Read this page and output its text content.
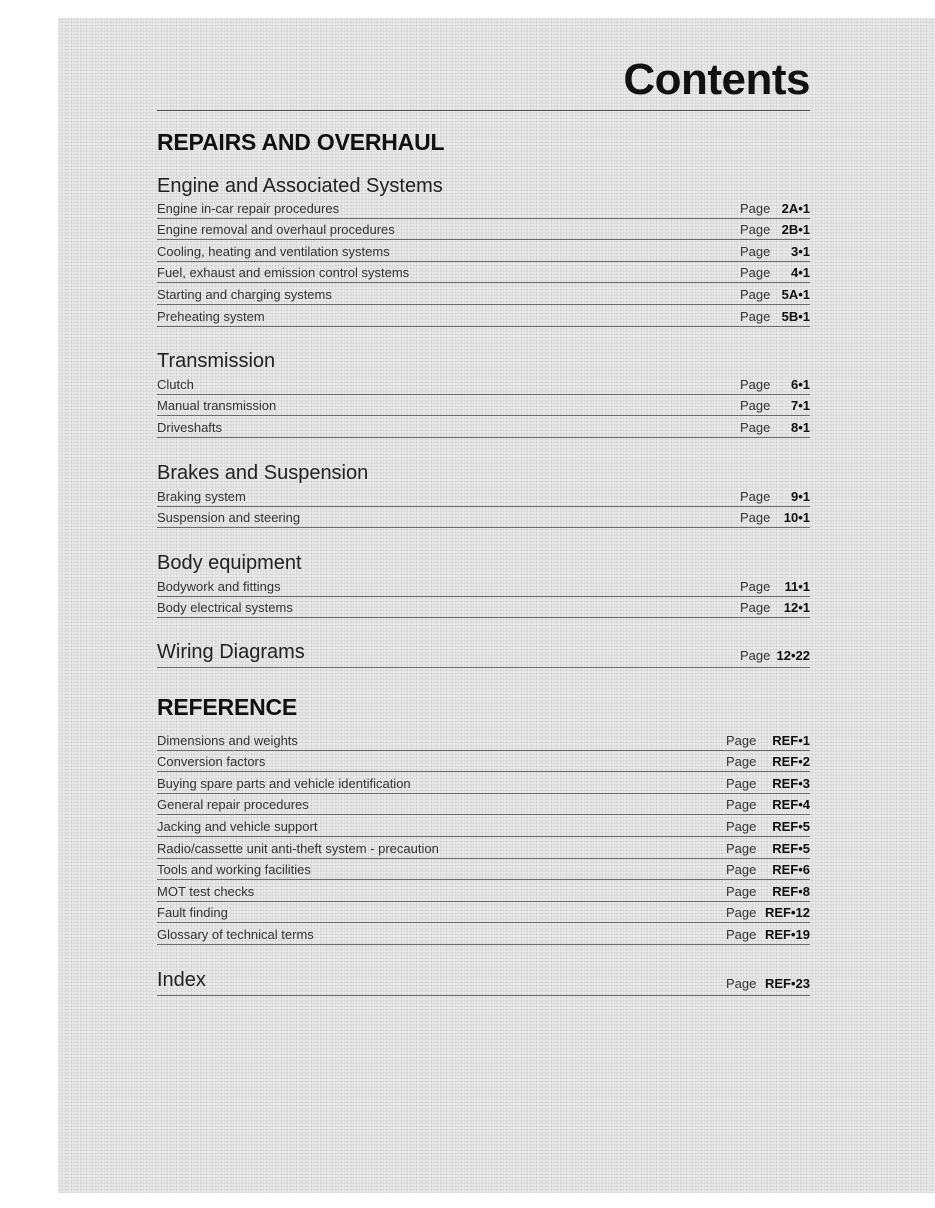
Contents
REPAIRS AND OVERHAUL
Engine and Associated Systems
Engine in-car repair procedures	Page 2A•1
Engine removal and overhaul procedures	Page 2B•1
Cooling, heating and ventilation systems	Page 3•1
Fuel, exhaust and emission control systems	Page 4•1
Starting and charging systems	Page 5A•1
Preheating system	Page 5B•1
Transmission
Clutch	Page 6•1
Manual transmission	Page 7•1
Driveshafts	Page 8•1
Brakes and Suspension
Braking system	Page 9•1
Suspension and steering	Page 10•1
Body equipment
Bodywork and fittings	Page 11•1
Body electrical systems	Page 12•1
Wiring Diagrams	Page 12•22
REFERENCE
Dimensions and weights	Page REF•1
Conversion factors	Page REF•2
Buying spare parts and vehicle identification	Page REF•3
General repair procedures	Page REF•4
Jacking and vehicle support	Page REF•5
Radio/cassette unit anti-theft system - precaution	Page REF•5
Tools and working facilities	Page REF•6
MOT test checks	Page REF•8
Fault finding	Page REF•12
Glossary of technical terms	Page REF•19
Index	Page REF•23
